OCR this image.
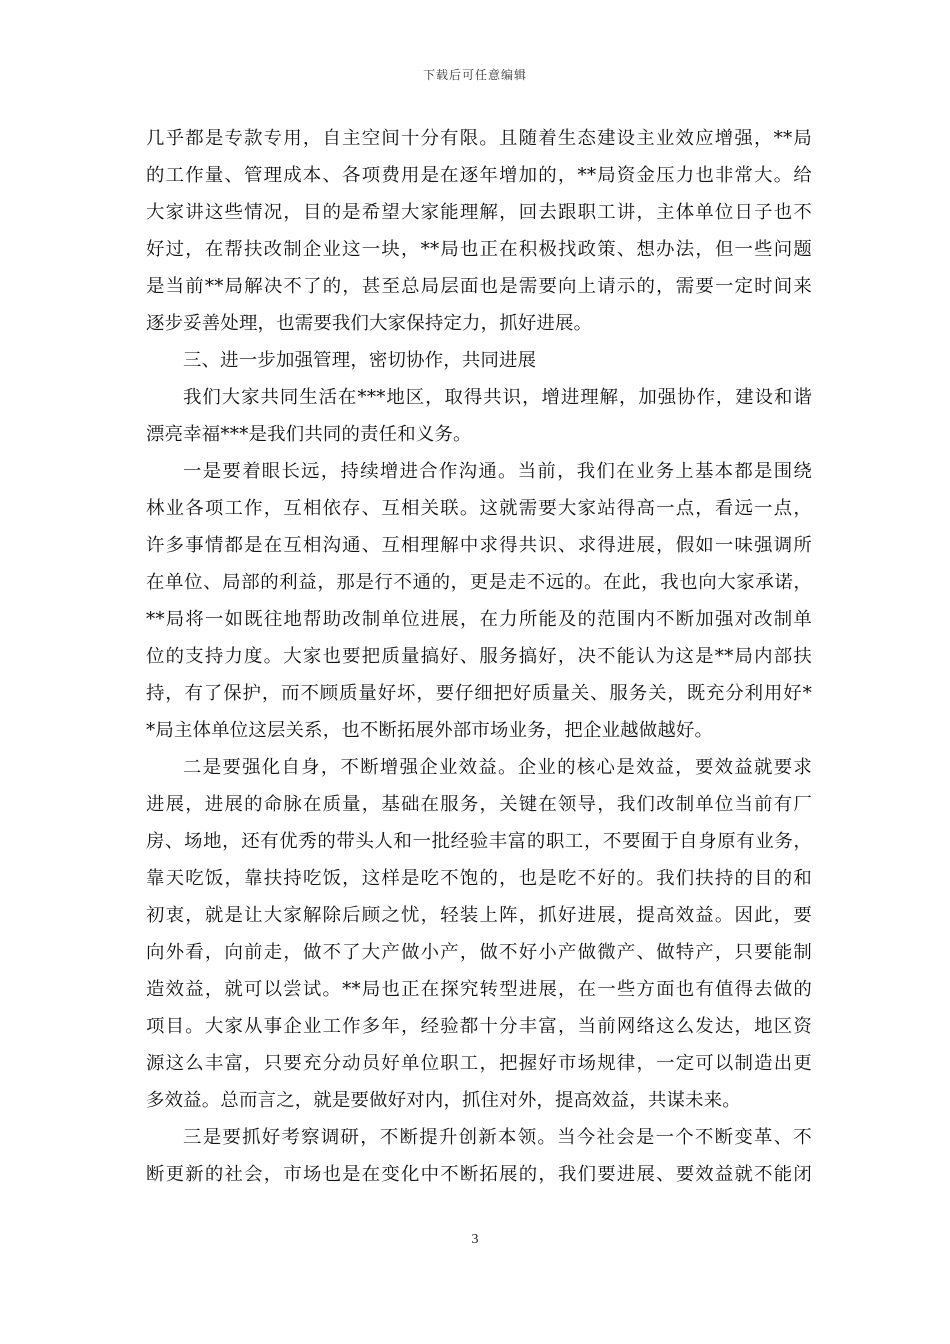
下载后可任意编辑
几乎都是专款专用，自主空间十分有限。且随着生态建设主业效应增强，**局
的工作量、管理成本、各项费用是在逐年增加的，**局资金压力也非常大。给
大家讲这些情况，目的是希望大家能理解，回去跟职工讲，主体单位日子也不
好过，在帮扶改制企业这一块，**局也正在积极找政策、想办法，但一些问题
是当前**局解决不了的，甚至总局层面也是需要向上请示的，需要一定时间来
逐步妥善处理，也需要我们大家保持定力，抓好进展。
三、进一步加强管理，密切协作，共同进展
我们大家共同生活在***地区，取得共识，增进理解，加强协作，建设和谐
漂亮幸福***是我们共同的责任和义务。
一是要着眼长远，持续增进合作沟通。当前，我们在业务上基本都是围绕
林业各项工作，互相依存、互相关联。这就需要大家站得高一点，看远一点，
许多事情都是在互相沟通、互相理解中求得共识、求得进展，假如一味强调所
在单位、局部的利益，那是行不通的，更是走不远的。在此，我也向大家承诺，
**局将一如既往地帮助改制单位进展，在力所能及的范围内不断加强对改制单
位的支持力度。大家也要把质量搞好、服务搞好，决不能认为这是**局内部扶
持，有了保护，而不顾质量好坏，要仔细把好质量关、服务关，既充分利用好*
*局主体单位这层关系，也不断拓展外部市场业务，把企业越做越好。
二是要强化自身，不断增强企业效益。企业的核心是效益，要效益就要求
进展，进展的命脉在质量，基础在服务，关键在领导，我们改制单位当前有厂
房、场地，还有优秀的带头人和一批经验丰富的职工，不要囿于自身原有业务，
靠天吃饭，靠扶持吃饭，这样是吃不饱的，也是吃不好的。我们扶持的目的和
初衷，就是让大家解除后顾之忧，轻装上阵，抓好进展，提高效益。因此，要
向外看，向前走，做不了大产做小产，做不好小产做微产、做特产，只要能制
造效益，就可以尝试。**局也正在探究转型进展，在一些方面也有值得去做的
项目。大家从事企业工作多年，经验都十分丰富，当前网络这么发达，地区资
源这么丰富，只要充分动员好单位职工，把握好市场规律，一定可以制造出更
多效益。总而言之，就是要做好对内，抓住对外，提高效益，共谋未来。
三是要抓好考察调研，不断提升创新本领。当今社会是一个不断变革、不
断更新的社会，市场也是在变化中不断拓展的，我们要进展、要效益就不能闭
3
